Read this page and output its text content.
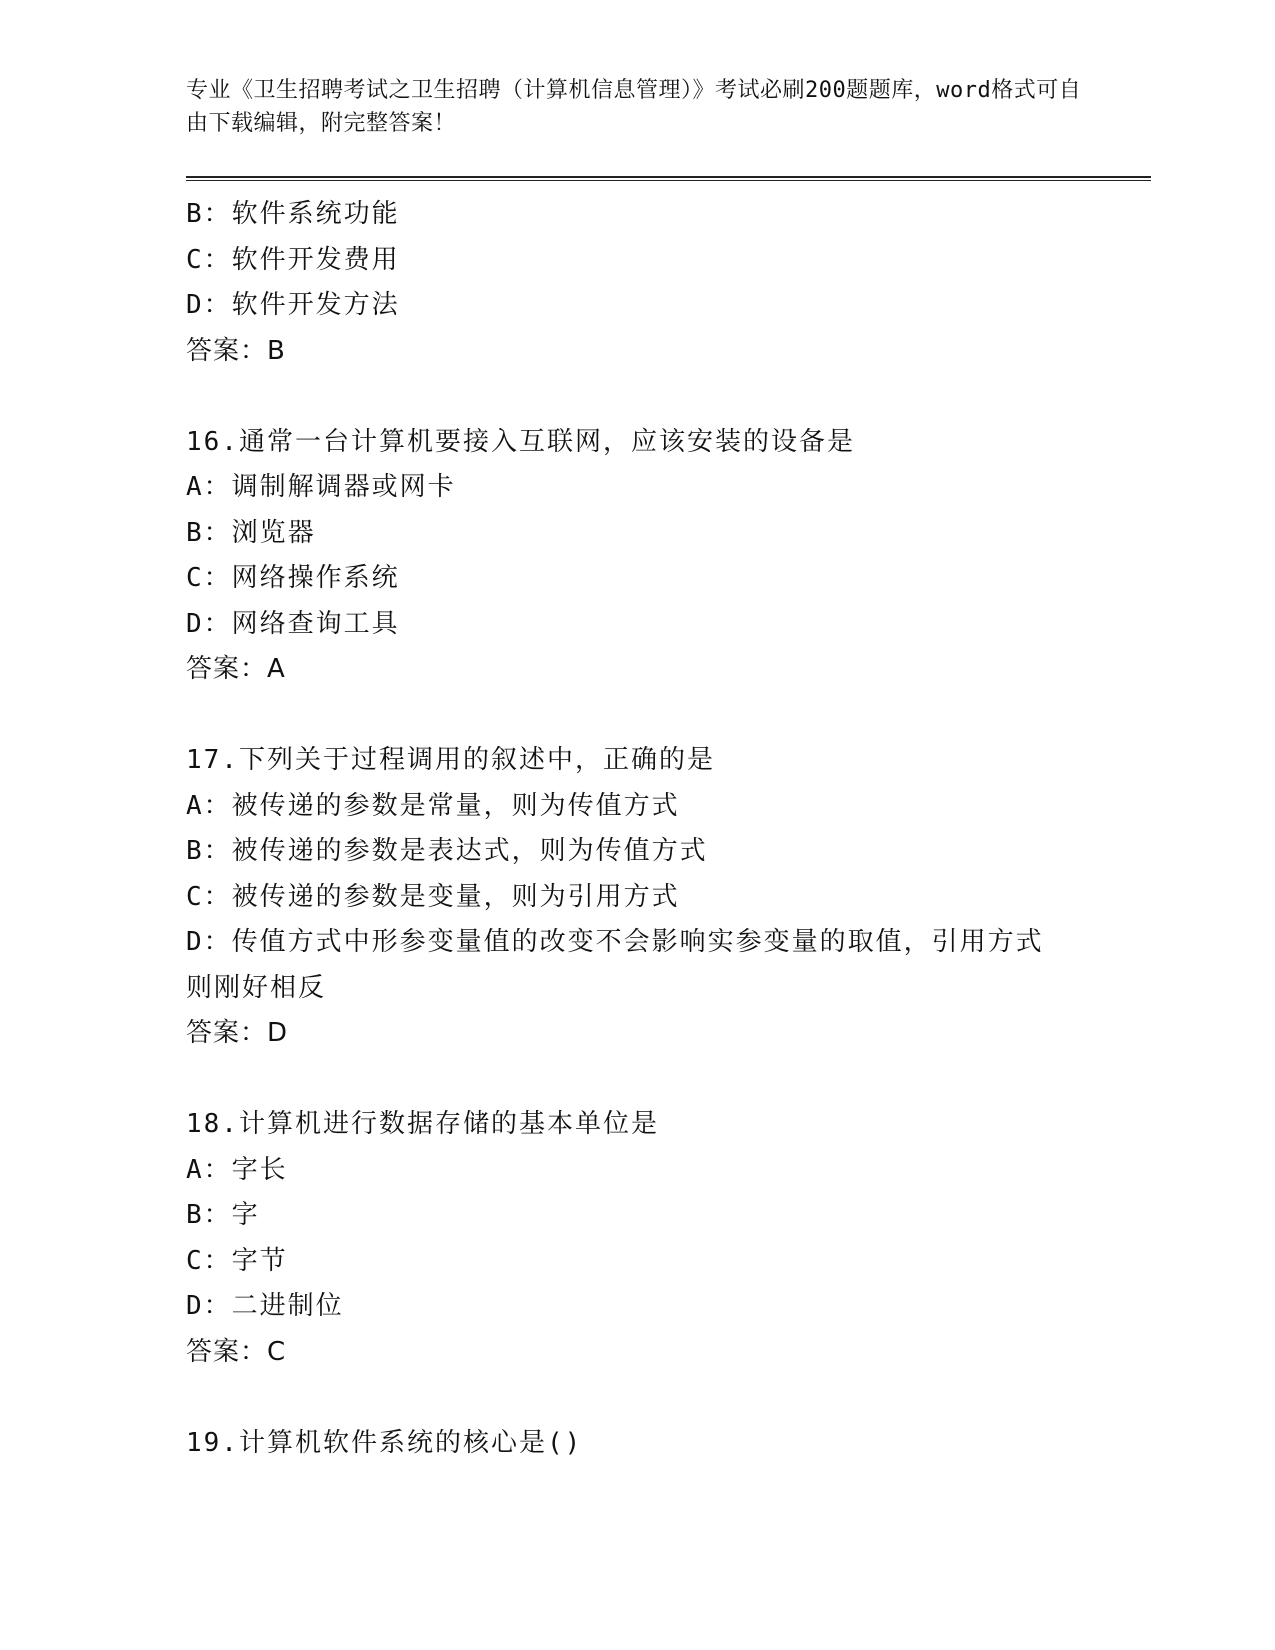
专业《卫生招聘考试之卫生招聘（计算机信息管理）》考试必刷200题题库，word格式可自由下载编辑，附完整答案！
B：软件系统功能
C：软件开发费用
D：软件开发方法
答案：B
16.通常一台计算机要接入互联网，应该安装的设备是
A：调制解调器或网卡
B：浏览器
C：网络操作系统
D：网络查询工具
答案：A
17.下列关于过程调用的叙述中，正确的是
A：被传递的参数是常量，则为传值方式
B：被传递的参数是表达式，则为传值方式
C：被传递的参数是变量，则为引用方式
D：传值方式中形参变量值的改变不会影响实参变量的取值，引用方式则刚好相反
答案：D
18.计算机进行数据存储的基本单位是
A：字长
B：字
C：字节
D：二进制位
答案：C
19.计算机软件系统的核心是()
